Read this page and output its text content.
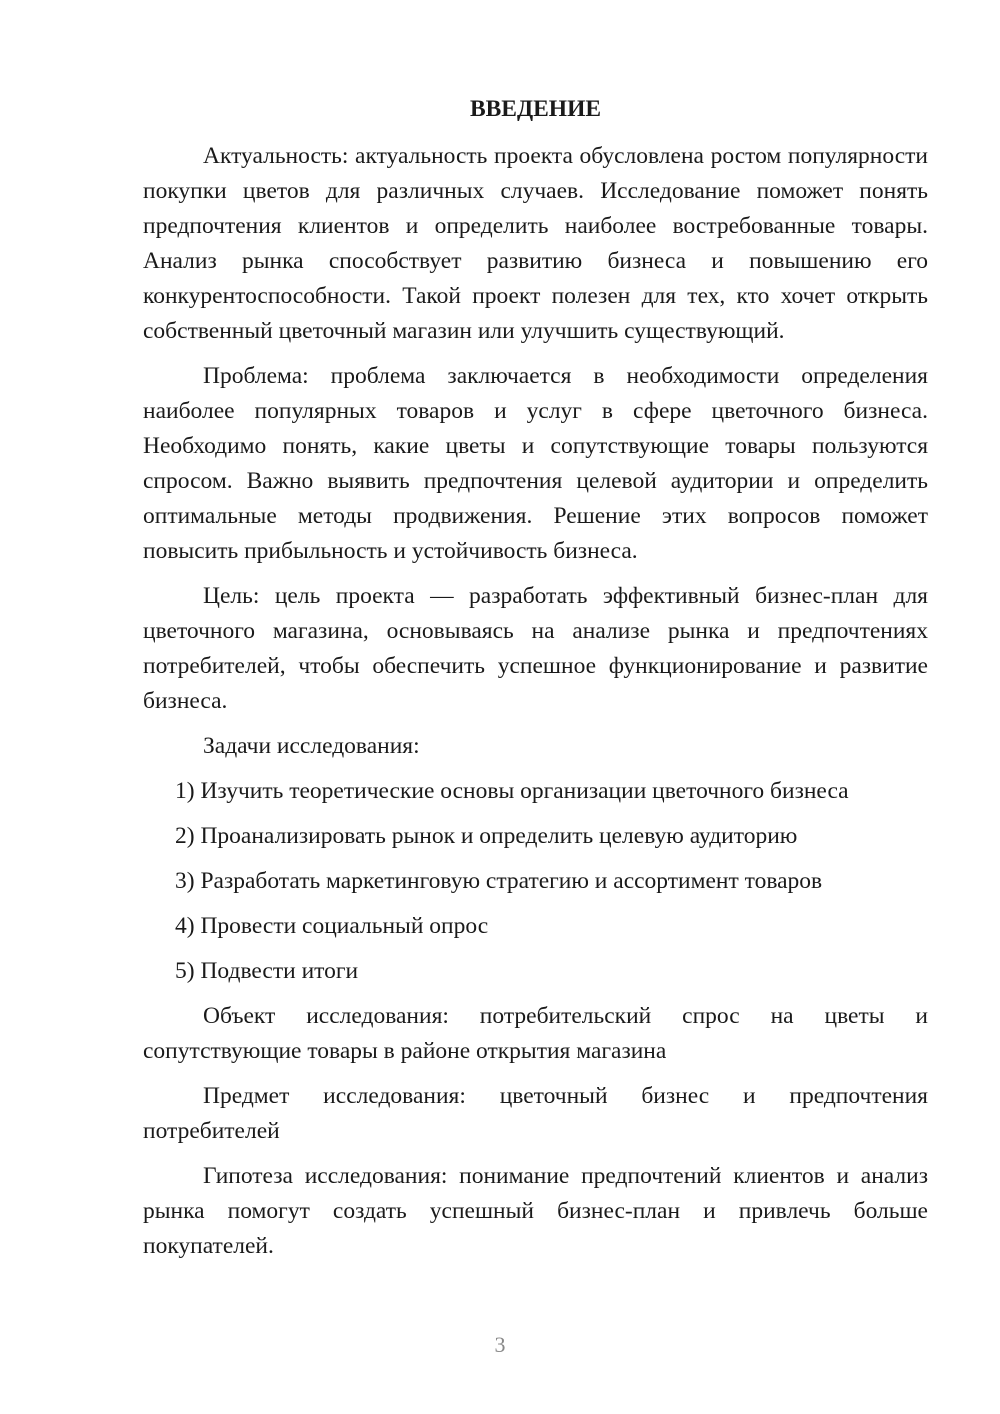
ВВЕДЕНИЕ

Актуальность: актуальность проекта обусловлена ростом популярности покупки цветов для различных случаев. Исследование поможет понять предпочтения клиентов и определить наиболее востребованные товары. Анализ рынка способствует развитию бизнеса и повышению его конкурентоспособности. Такой проект полезен для тех, кто хочет открыть собственный цветочный магазин или улучшить существующий.

Проблема: проблема заключается в необходимости определения наиболее популярных товаров и услуг в сфере цветочного бизнеса. Необходимо понять, какие цветы и сопутствующие товары пользуются спросом. Важно выявить предпочтения целевой аудитории и определить оптимальные методы продвижения. Решение этих вопросов поможет повысить прибыльность и устойчивость бизнеса.

Цель: цель проекта — разработать эффективный бизнес-план для цветочного магазина, основываясь на анализе рынка и предпочтениях потребителей, чтобы обеспечить успешное функционирование и развитие бизнеса.

Задачи исследования:

1) Изучить теоретические основы организации цветочного бизнеса
2) Проанализировать рынок и определить целевую аудиторию
3) Разработать маркетинговую стратегию и ассортимент товаров
4) Провести социальный опрос
5) Подвести итоги

Объект исследования: потребительский спрос на цветы и сопутствующие товары в районе открытия магазина

Предмет исследования: цветочный бизнес и предпочтения потребителей

Гипотеза исследования: понимание предпочтений клиентов и анализ рынка помогут создать успешный бизнес-план и привлечь больше покупателей.

3
